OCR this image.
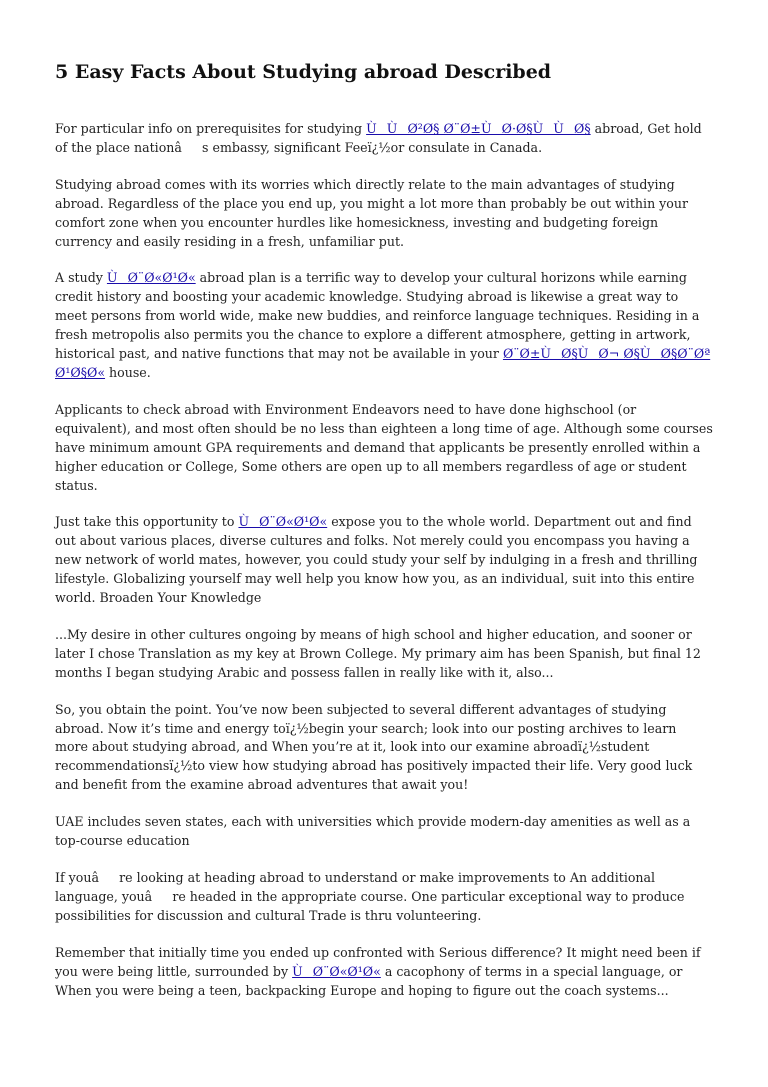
5 Easy Facts About Studying abroad Described

For particular info on prerequisites for studying ÙÙØ²Ø§ Ø¨Ø±ÙØ·Ø§ÙÙØ§ abroad, Get hold of the place nationâs embassy, significant Feeï¿½or consulate in Canada.

Studying abroad comes with its worries which directly relate to the main advantages of studying abroad. Regardless of the place you end up, you might a lot more than probably be out within your comfort zone when you encounter hurdles like homesickness, investing and budgeting foreign currency and easily residing in a fresh, unfamiliar put.

A study ÙØ¨Ø«Ø¹Ø« abroad plan is a terrific way to develop your cultural horizons while earning credit history and boosting your academic knowledge. Studying abroad is likewise a great way to meet persons from world wide, make new buddies, and reinforce language techniques. Residing in a fresh metropolis also permits you the chance to explore a different atmosphere, getting in artwork, historical past, and native functions that may not be available in your Ø¨Ø±ÙØ§ÙØ¬ Ø§ÙØ§Ø¨ØªØ¹Ø§Ø« house.

Applicants to check abroad with Environment Endeavors need to have done highschool (or equivalent), and most often should be no less than eighteen a long time of age. Although some courses have minimum amount GPA requirements and demand that applicants be presently enrolled within a higher education or College, Some others are open up to all members regardless of age or student status.

Just take this opportunity to ÙØ¨Ø«Ø¹Ø« expose you to the whole world. Department out and find out about various places, diverse cultures and folks. Not merely could you encompass you having a new network of world mates, however, you could study your self by indulging in a fresh and thrilling lifestyle. Globalizing yourself may well help you know how you, as an individual, suit into this entire world. Broaden Your Knowledge

...My desire in other cultures ongoing by means of high school and higher education, and sooner or later I chose Translation as my key at Brown College. My primary aim has been Spanish, but final 12 months I began studying Arabic and possess fallen in really like with it, also...

So, you obtain the point. You’ve now been subjected to several different advantages of studying abroad. Now it’s time and energy toï¿½begin your search; look into our posting archives to learn more about studying abroad, and When you’re at it, look into our examine abroadï¿½student recommendationsï¿½to view how studying abroad has positively impacted their life. Very good luck and benefit from the examine abroad adventures that await you!

UAE includes seven states, each with universities which provide modern-day amenities as well as a top-course education

If youâre looking at heading abroad to understand or make improvements to An additional language, youâre headed in the appropriate course. One particular exceptional way to produce possibilities for discussion and cultural Trade is thru volunteering.

Remember that initially time you ended up confronted with Serious difference? It might need been if you were being little, surrounded by ÙØ¨Ø«Ø¹Ø« a cacophony of terms in a special language, or When you were being a teen, backpacking Europe and hoping to figure out the coach systems...
